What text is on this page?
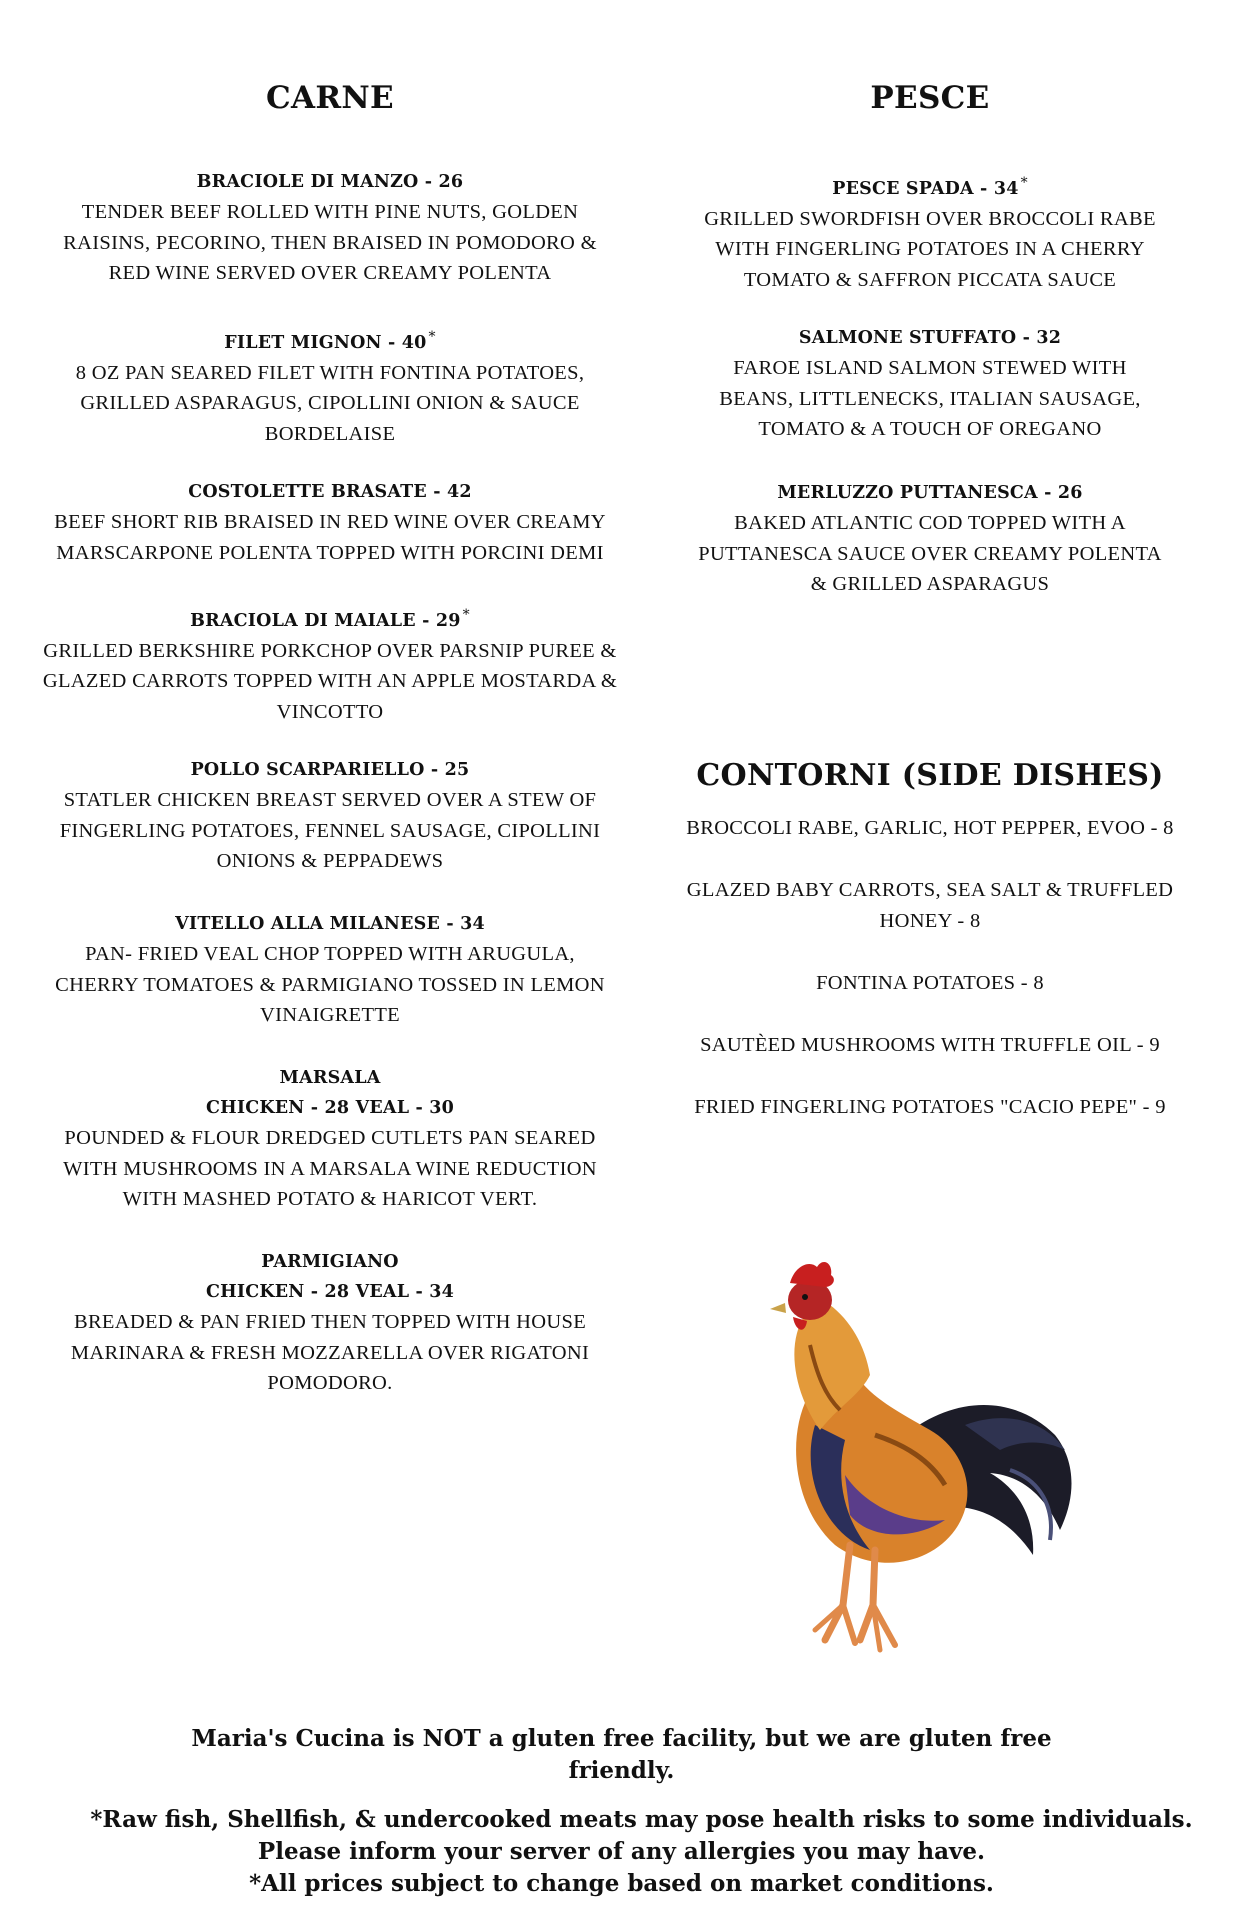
CARNE
BRACIOLE DI MANZO - 26
TENDER BEEF ROLLED WITH PINE NUTS, GOLDEN
RAISINS, PECORINO, THEN BRAISED IN POMODORO &
RED WINE SERVED OVER CREAMY POLENTA
FILET MIGNON - 40 *
8 OZ PAN SEARED FILET WITH FONTINA POTATOES,
GRILLED ASPARAGUS, CIPOLLINI ONION & SAUCE
BORDELAISE
COSTOLETTE BRASATE - 42
BEEF SHORT RIB BRAISED IN RED WINE OVER CREAMY
MARSCARPONE POLENTA TOPPED WITH PORCINI DEMI
BRACIOLA DI MAIALE - 29 *
GRILLED BERKSHIRE PORKCHOP OVER PARSNIP PUREE &
GLAZED CARROTS TOPPED WITH AN APPLE MOSTARDA &
VINCOTTO
POLLO SCARPARIELLO - 25
STATLER CHICKEN BREAST SERVED OVER A STEW OF
FINGERLING POTATOES, FENNEL SAUSAGE, CIPOLLINI
ONIONS & PEPPADEWS
VITELLO ALLA MILANESE - 34
PAN- FRIED VEAL CHOP TOPPED WITH ARUGULA,
CHERRY TOMATOES & PARMIGIANO TOSSED IN LEMON
VINAIGRETTE
MARSALA
CHICKEN - 28 VEAL - 30
POUNDED & FLOUR DREDGED CUTLETS PAN SEARED
WITH MUSHROOMS IN A MARSALA WINE REDUCTION
WITH MASHED POTATO & HARICOT VERT.
PARMIGIANO
CHICKEN - 28 VEAL - 34
BREADED & PAN FRIED THEN TOPPED WITH HOUSE
MARINARA & FRESH MOZZARELLA OVER RIGATONI
POMODORO.
PESCE
PESCE SPADA - 34 *
GRILLED SWORDFISH OVER BROCCOLI RABE
WITH FINGERLING POTATOES IN A CHERRY
TOMATO & SAFFRON PICCATA SAUCE
SALMONE STUFFATO - 32
FAROE ISLAND SALMON STEWED WITH
BEANS, LITTLENECKS, ITALIAN SAUSAGE,
TOMATO & A TOUCH OF OREGANO
MERLUZZO PUTTANESCA - 26
BAKED ATLANTIC COD TOPPED WITH A
PUTTANESCA SAUCE OVER CREAMY POLENTA
& GRILLED ASPARAGUS
CONTORNI (SIDE DISHES)
BROCCOLI RABE, GARLIC, HOT PEPPER, EVOO - 8
GLAZED BABY CARROTS, SEA SALT & TRUFFLED
HONEY - 8
FONTINA POTATOES - 8
SAUTÈED MUSHROOMS WITH TRUFFLE OIL - 9
FRIED FINGERLING POTATOES "CACIO PEPE" - 9
Maria's Cucina is NOT a gluten free facility, but we are gluten free
friendly.
*Raw fish, Shellfish, & undercooked meats may pose health risks to some individuals.
Please inform your server of any allergies you may have.
*All prices subject to change based on market conditions.
